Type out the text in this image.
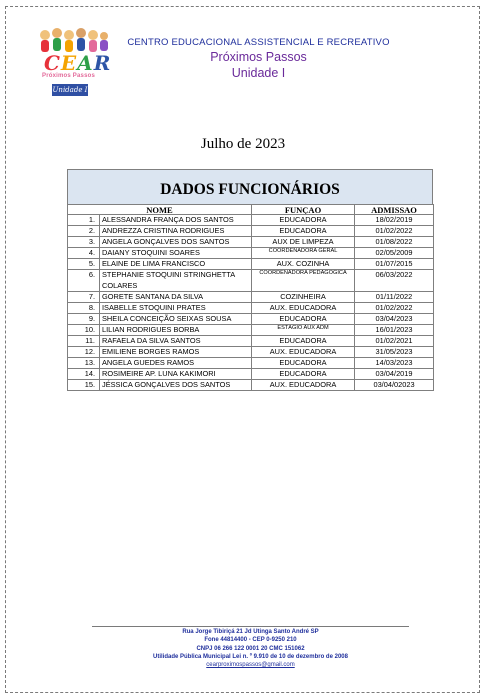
CEAR
Próximos Passos
Unidade I
CENTRO EDUCACIONAL ASSISTENCIAL E RECREATIVO
Próximos Passos
Unidade I
Julho de 2023
DADOS FUNCIONÁRIOS
NOME		FUNÇAO	ADMISSAO
1.	ALESSANDRA FRANÇA DOS SANTOS	EDUCADORA	18/02/2019
2.	ANDREZZA CRISTINA RODRIGUES	EDUCADORA	01/02/2022
3.	ANGELA GONÇALVES DOS SANTOS	AUX DE LIMPEZA	01/08/2022
4.	DAIANY STOQUINI SOARES	COORDENADORA GERAL	02/05/2009
5.	ELAINE DE LIMA FRANCISCO	AUX. COZINHA	01/07/2015
6.	STEPHANIE STOQUINI STRINGHETTA COLARES	COORDENADORA PEDAGOGICA	06/03/2022
7.	GORETE SANTANA DA SILVA	COZINHEIRA	01/11/2022
8.	ISABELLE STOQUINI PRATES	AUX. EDUCADORA	01/02/2022
9.	SHEILA CONCEIÇÃO SEIXAS SOUSA	EDUCADORA	03/04/2023
10.	LILIAN RODRIGUES BORBA	ESTÁGIO AUX ADM	16/01/2023
11.	RAFAELA DA SILVA SANTOS	EDUCADORA	01/02/2021
12.	EMILIENE BORGES RAMOS	AUX. EDUCADORA	31/05/2023
13.	ANGELA GUEDES RAMOS	EDUCADORA	14/03/2023
14.	ROSIMEIRE AP. LUNA KAKIMORI	EDUCADORA	03/04/2019
15.	JÉSSICA GONÇALVES DOS SANTOS	AUX. EDUCADORA	03/04/02023
Rua Jorge Tibiriçá 21 Jd Utinga Santo André SP
Fone 44814400 - CEP 0-9250 210
CNPJ 06 266 122 0001 20 CMC 151062
Utilidade Pública Municipal Lei n. º 9.910 de 10 de dezembro de 2008
cearproximospassos@gmail.com
